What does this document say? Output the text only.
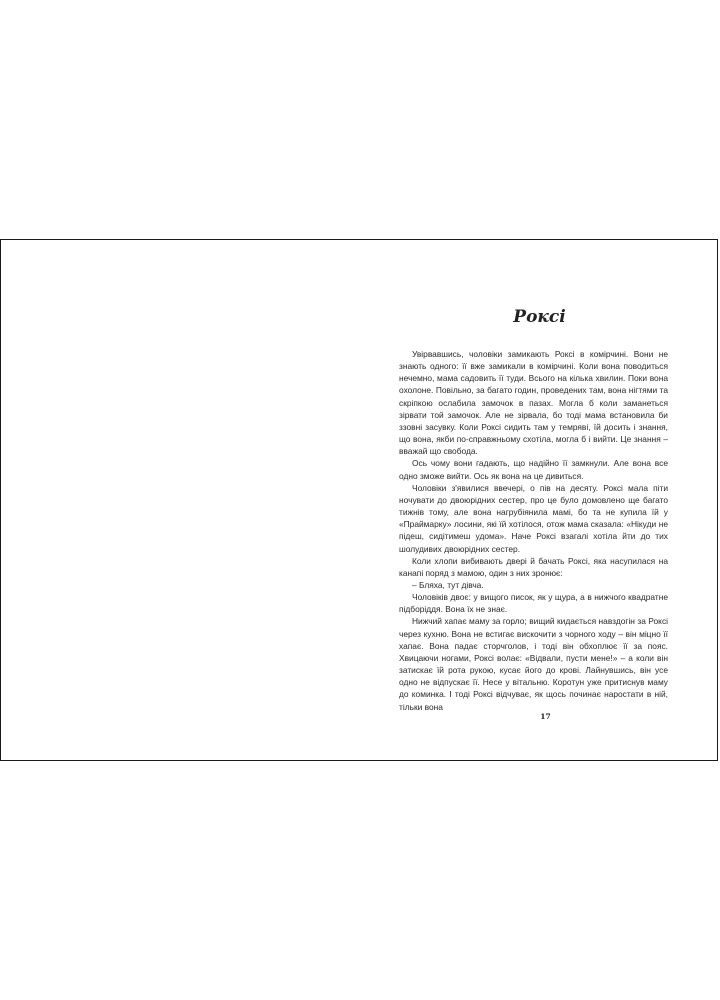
Роксі

Увірвавшись, чоловіки замикають Роксі в комірчині. Вони не знають одного: її вже замикали в комірчині. Коли вона поводиться нечемно, мама садовить її туди. Всього на кілька хвилин. Поки вона охолоне. Повільно, за багато годин, проведених там, вона нігтями та скріпкою ослабила замочок в пазах. Могла б коли заманеться зірвати той замочок. Але не зірвала, бо тоді мама встановила би ззовні засувку. Коли Роксі сидить там у темряві, їй досить і знання, що вона, якби по-справжньому схотіла, могла б і вийти. Це знання – вважай що свобода.

Ось чому вони гадають, що надійно її замкнули. Але вона все одно зможе вийти. Ось як вона на це дивиться.

Чоловіки з'явилися ввечері, о пів на десяту. Роксі мала піти ночувати до двоюрідних сестер, про це було домовлено ще багато тижнів тому, але вона нагрубіянила мамі, бо та не купила їй у «Праймарку» лосини, які їй хотілося, отож мама сказала: «Нікуди не підеш, сидітимеш удома». Наче Роксі взагалі хотіла йти до тих шолудивих двоюрідних сестер.

Коли хлопи вибивають двері й бачать Роксі, яка насупилася на канапі поряд з мамою, один з них зронює:

– Бляха, тут дівча.

Чоловіків двоє: у вищого писок, як у щура, а в нижчого квадратне підборіддя. Вона їх не знає.

Нижчий хапає маму за горло; вищий кидається навздогін за Роксі через кухню. Вона не встигає вискочити з чорного ходу – він міцно її хапає. Вона падає сторчголов, і тоді він обхоплює її за пояс. Хвицаючи ногами, Роксі волає: «Відвали, пусти мене!» – а коли він затискає їй рота рукою, кусає його до крові. Лайнувшись, він усе одно не відпускає її. Несе у вітальню. Коротун уже притиснув маму до коминка. І тоді Роксі відчуває, як щось починає наростати в ній, тільки вона

17
